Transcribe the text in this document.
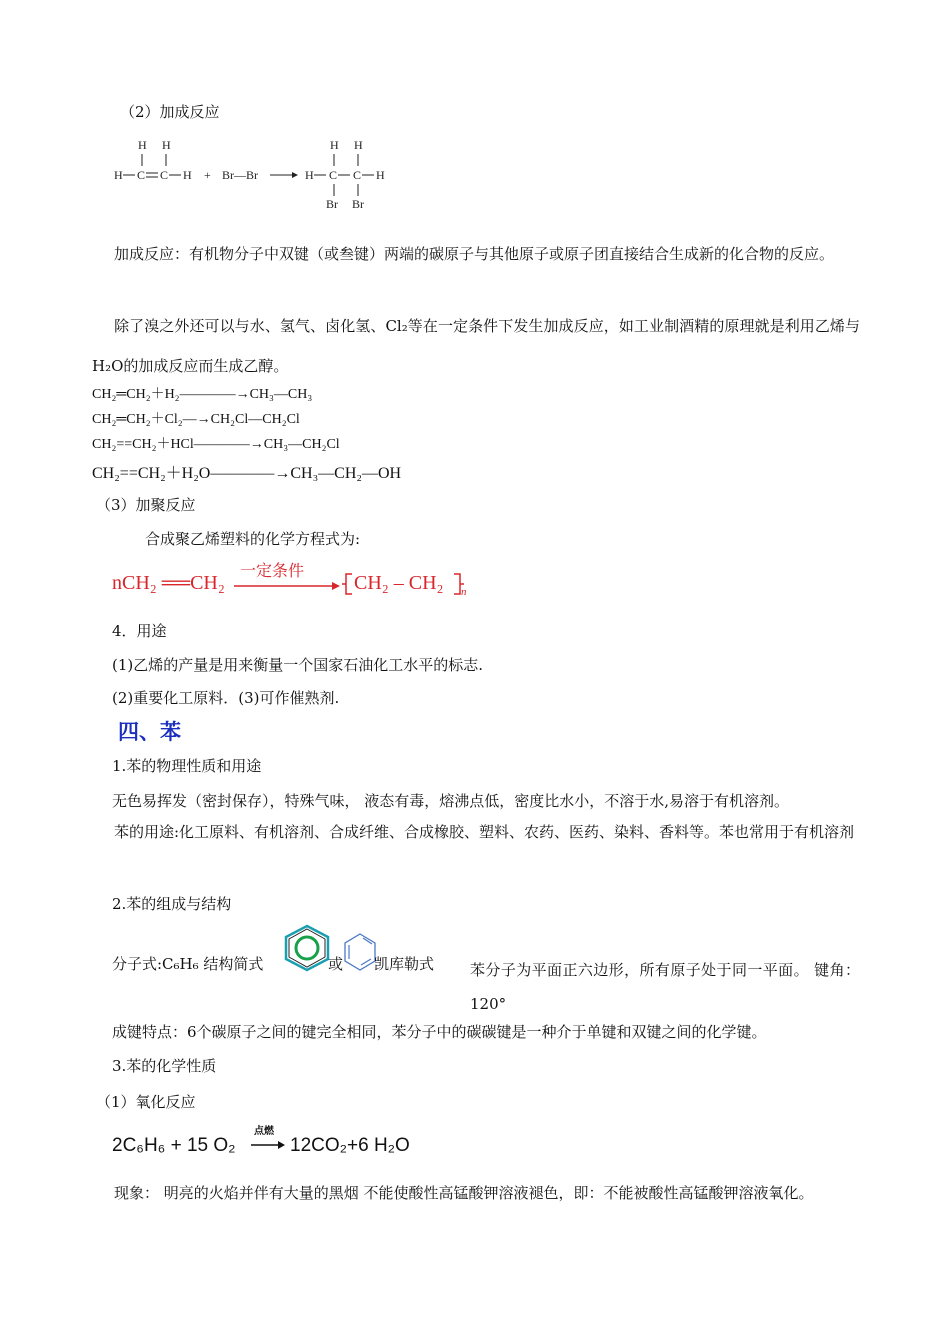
（2）加成反应
H H
H C C H + Br—Br
H H
H C C H
Br Br
加成反应：有机物分子中双键（或叁键）两端的碳原子与其他原子或原子团直接结合生成新的化合物的反应。
除了溴之外还可以与水、氢气、卤化氢、Cl₂等在一定条件下发生加成反应，如工业制酒精的原理就是利用乙烯与H₂O的加成反应而生成乙醇。
CH₂═CH₂＋H₂————→CH₃—CH₃
CH₂═CH₂＋Cl₂—→CH₂Cl—CH₂Cl
CH₂==CH₂＋HCl————→CH₃—CH₂Cl
CH₂==CH₂＋H₂O————→CH₃—CH₂—OH
（3）加聚反应
合成聚乙烯塑料的化学方程式为:
nCH₂ ══CH₂
一定条件
CH₂ – CH₂ n
4．用途
(1)乙烯的产量是用来衡量一个国家石油化工水平的标志.
(2)重要化工原料．(3)可作催熟剂.
四、苯
1.苯的物理性质和用途
无色易挥发（密封保存），特殊气味， 液态有毒，熔沸点低，密度比水小，不溶于水,易溶于有机溶剂。
苯的用途:化工原料、有机溶剂、合成纤维、合成橡胶、塑料、农药、医药、染料、香料等。苯也常用于有机溶剂
2.苯的组成与结构
分子式:C₆H₆ 结构简式	或 凯库勒式 苯分子为平面正六边形，所有原子处于同一平面。 键角：120°
成键特点：6个碳原子之间的键完全相同，苯分子中的碳碳键是一种介于单键和双键之间的化学键。
3.苯的化学性质
（1）氧化反应
2C₆H₆ + 15 O₂
点燃
12CO₂+6 H₂O
现象： 明亮的火焰并伴有大量的黑烟 不能使酸性高锰酸钾溶液褪色，即：不能被酸性高锰酸钾溶液氧化。
